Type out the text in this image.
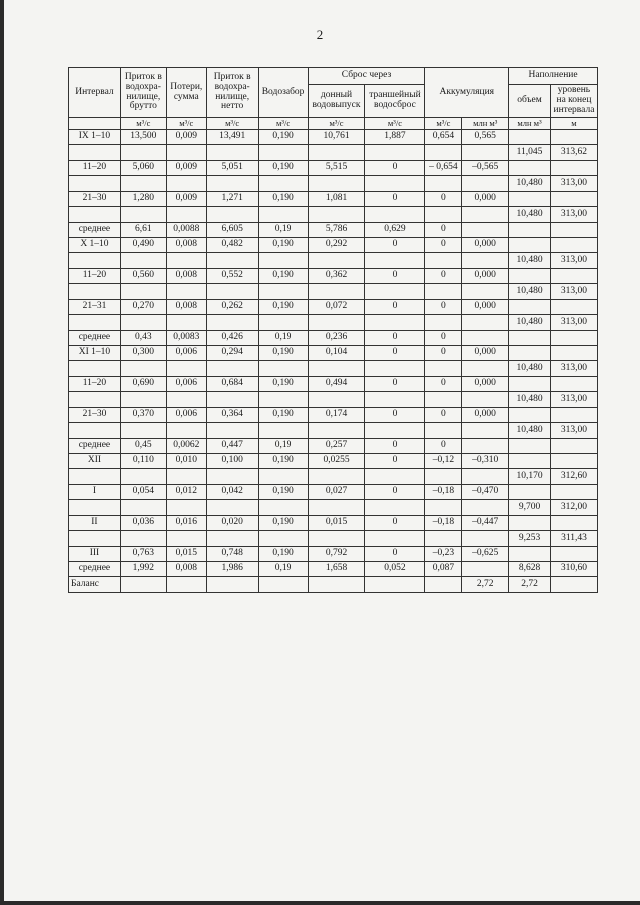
2
Интервал	Приток в водохра-
нилище, брутто	Потери, сумма	Приток в водохра-
нилище, нетто	Водозабор	Сброс через		Аккумуляция		Наполнение	
					донный водовыпуск	траншейный водосброс			объем	уровень на конец интервала
	м³/с	м³/с	м³/с	м³/с	м³/с	м³/с	м³/с	млн м³	млн м³	м
IX 1–10	13,500	0,009	13,491	0,190	10,761	1,887	0,654	0,565		
									11,045	313,62
11–20	5,060	0,009	5,051	0,190	5,515	0	– 0,654	–0,565		
									10,480	313,00
21–30	1,280	0,009	1,271	0,190	1,081	0	0	0,000		
									10,480	313,00
среднее	6,61	0,0088	6,605	0,19	5,786	0,629	0			
X 1–10	0,490	0,008	0,482	0,190	0,292	0	0	0,000		
									10,480	313,00
11–20	0,560	0,008	0,552	0,190	0,362	0	0	0,000		
									10,480	313,00
21–31	0,270	0,008	0,262	0,190	0,072	0	0	0,000		
									10,480	313,00
среднее	0,43	0,0083	0,426	0,19	0,236	0	0			
XI 1–10	0,300	0,006	0,294	0,190	0,104	0	0	0,000		
									10,480	313,00
11–20	0,690	0,006	0,684	0,190	0,494	0	0	0,000		
									10,480	313,00
21–30	0,370	0,006	0,364	0,190	0,174	0	0	0,000		
									10,480	313,00
среднее	0,45	0,0062	0,447	0,19	0,257	0	0			
XII	0,110	0,010	0,100	0,190	0,0255	0	–0,12	–0,310		
									10,170	312,60
I	0,054	0,012	0,042	0,190	0,027	0	–0,18	–0,470		
									9,700	312,00
II	0,036	0,016	0,020	0,190	0,015	0	–0,18	–0,447		
									9,253	311,43
III	0,763	0,015	0,748	0,190	0,792	0	–0,23	–0,625		
среднее	1,992	0,008	1,986	0,19	1,658	0,052	0,087		8,628	310,60
Баланс								2,72	2,72	
